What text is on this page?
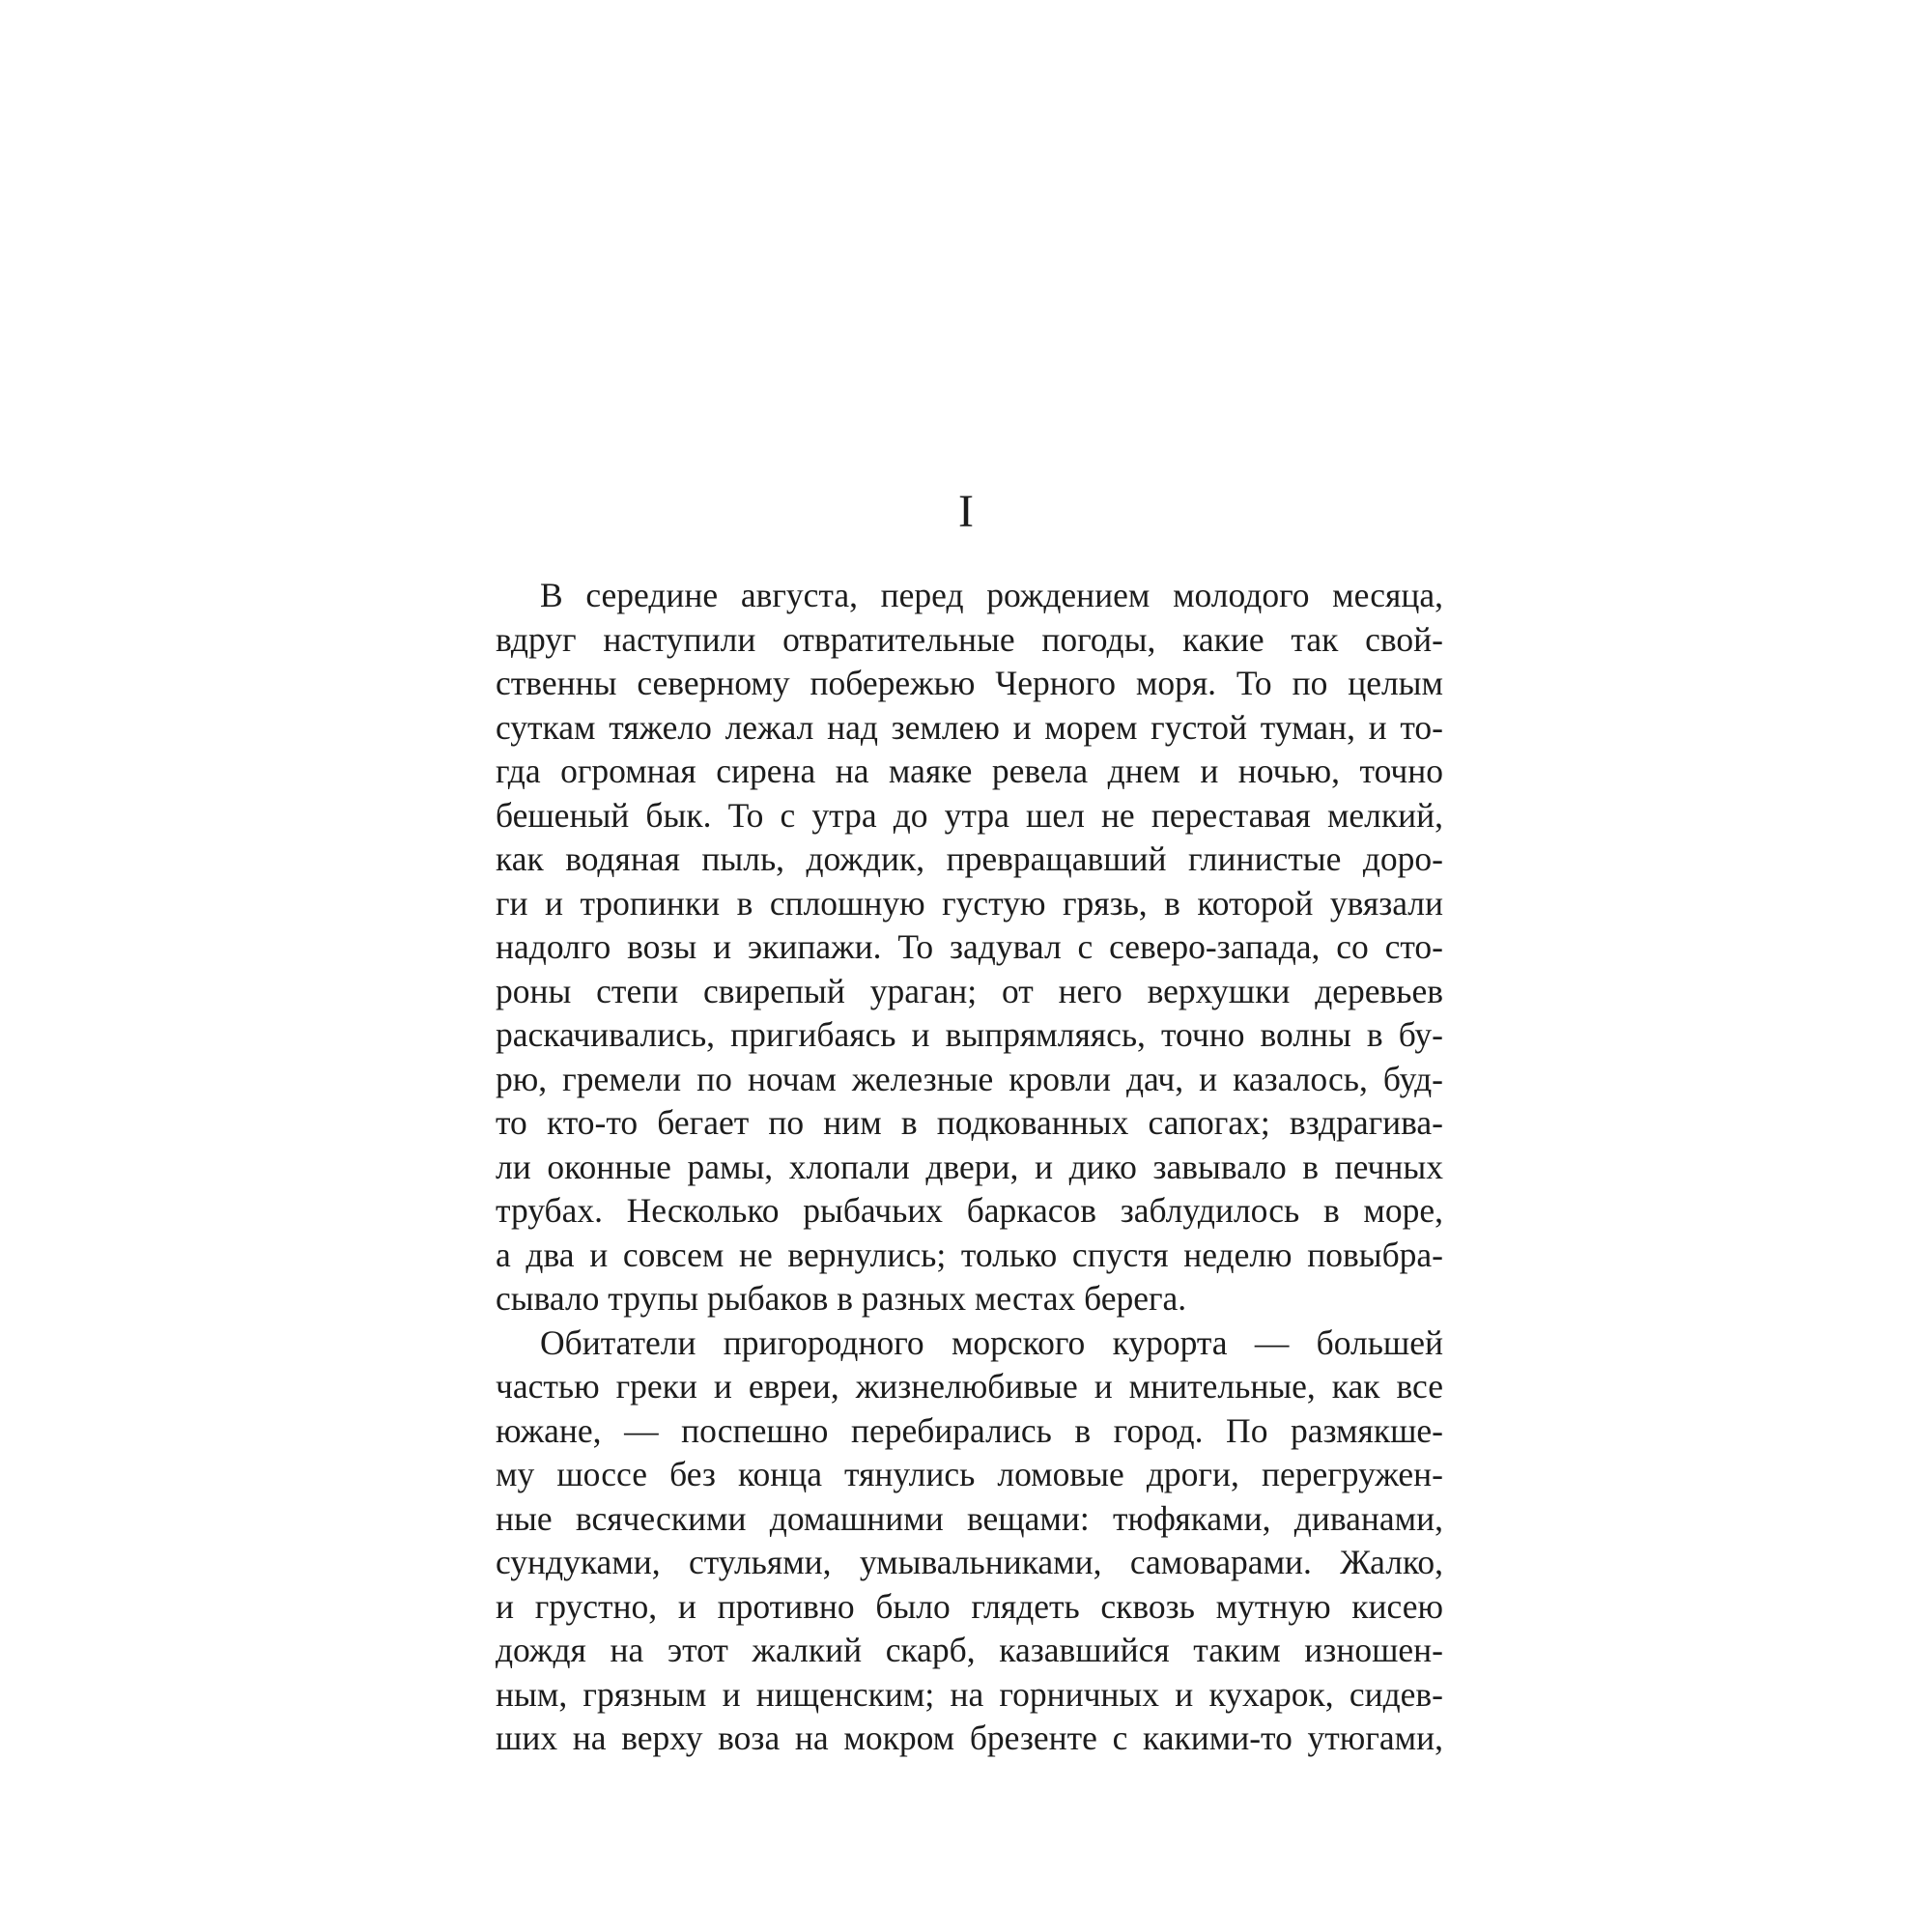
I
В середине августа, перед рождением молодого месяца,
вдруг наступили отвратительные погоды, какие так свой-
ственны северному побережью Черного моря. То по целым
суткам тяжело лежал над землею и морем густой туман, и то-
гда огромная сирена на маяке ревела днем и ночью, точно
бешеный бык. То с утра до утра шел не переставая мелкий,
как водяная пыль, дождик, превращавший глинистые доро-
ги и тропинки в сплошную густую грязь, в которой увязали
надолго возы и экипажи. То задувал с северо-запада, со сто-
роны степи свирепый ураган; от него верхушки деревьев
раскачивались, пригибаясь и выпрямляясь, точно волны в бу-
рю, гремели по ночам железные кровли дач, и казалось, буд-
то кто-то бегает по ним в подкованных сапогах; вздрагива-
ли оконные рамы, хлопали двери, и дико завывало в печных
трубах. Несколько рыбачьих баркасов заблудилось в море,
а два и совсем не вернулись; только спустя неделю повыбра-
сывало трупы рыбаков в разных местах берега.
Обитатели пригородного морского курорта — большей
частью греки и евреи, жизнелюбивые и мнительные, как все
южане, — поспешно перебирались в город. По размякше-
му шоссе без конца тянулись ломовые дроги, перегружен-
ные всяческими домашними вещами: тюфяками, диванами,
сундуками, стульями, умывальниками, самоварами. Жалко,
и грустно, и противно было глядеть сквозь мутную кисею
дождя на этот жалкий скарб, казавшийся таким изношен-
ным, грязным и нищенским; на горничных и кухарок, сидев-
ших на верху воза на мокром брезенте с какими-то утюгами,
